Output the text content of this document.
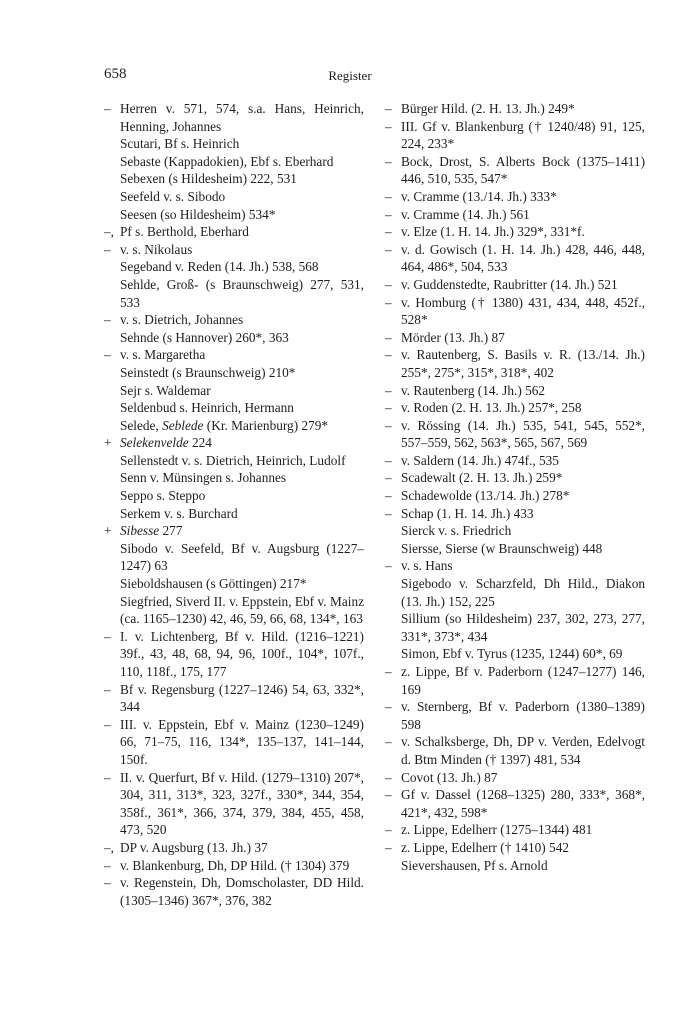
658	Register

– Herren v. 571, 574, s.a. Hans, Heinrich, Henning, Johannes

Scutari, Bf s. Heinrich

Sebaste (Kappadokien), Ebf s. Eberhard

Sebexen (s Hildesheim) 222, 531

Seefeld v. s. Sibodo

Seesen (so Hildesheim) 534*

–, Pf s. Berthold, Eberhard

– v. s. Nikolaus

Segeband v. Reden (14. Jh.) 538, 568

Sehlde, Groß- (s Braunschweig) 277, 531, 533

– v. s. Dietrich, Johannes

Sehnde (s Hannover) 260*, 363

– v. s. Margaretha

Seinstedt (s Braunschweig) 210*

Sejr s. Waldemar

Seldenbud s. Heinrich, Hermann

Selede, Seblede (Kr. Marienburg) 279*

+ Selekenvelde 224

Sellenstedt v. s. Dietrich, Heinrich, Ludolf

Senn v. Münsingen s. Johannes

Seppo s. Steppo

Serkem v. s. Burchard

+ Sibesse 277

Sibodo v. Seefeld, Bf v. Augsburg (1227–1247) 63

Sieboldshausen (s Göttingen) 217*

Siegfried, Siverd II. v. Eppstein, Ebf v. Mainz (ca. 1165–1230) 42, 46, 59, 66, 68, 134*, 163

– I. v. Lichtenberg, Bf v. Hild. (1216–1221) 39f., 43, 48, 68, 94, 96, 100f., 104*, 107f., 110, 118f., 175, 177

– Bf v. Regensburg (1227–1246) 54, 63, 332*, 344

– III. v. Eppstein, Ebf v. Mainz (1230–1249) 66, 71–75, 116, 134*, 135–137, 141–144, 150f.

– II. v. Querfurt, Bf v. Hild. (1279–1310) 207*, 304, 311, 313*, 323, 327f., 330*, 344, 354, 358f., 361*, 366, 374, 379, 384, 455, 458, 473, 520

–, DP v. Augsburg (13. Jh.) 37

– v. Blankenburg, Dh, DP Hild. († 1304) 379

– v. Regenstein, Dh, Domscholaster, DD Hild. (1305–1346) 367*, 376, 382

– Bürger Hild. (2. H. 13. Jh.) 249*

– III. Gf v. Blankenburg († 1240/48) 91, 125, 224, 233*

– Bock, Drost, S. Alberts Bock (1375–1411) 446, 510, 535, 547*

– v. Cramme (13./14. Jh.) 333*

– v. Cramme (14. Jh.) 561

– v. Elze (1. H. 14. Jh.) 329*, 331*f.

– v. d. Gowisch (1. H. 14. Jh.) 428, 446, 448, 464, 486*, 504, 533

– v. Guddenstedte, Raubritter (14. Jh.) 521

– v. Homburg († 1380) 431, 434, 448, 452f., 528*

– Mörder (13. Jh.) 87

– v. Rautenberg, S. Basils v. R. (13./14. Jh.) 255*, 275*, 315*, 318*, 402

– v. Rautenberg (14. Jh.) 562

– v. Roden (2. H. 13. Jh.) 257*, 258

– v. Rössing (14. Jh.) 535, 541, 545, 552*, 557–559, 562, 563*, 565, 567, 569

– v. Saldern (14. Jh.) 474f., 535

– Scadewalt (2. H. 13. Jh.) 259*

– Schadewolde (13./14. Jh.) 278*

– Schap (1. H. 14. Jh.) 433

Sierck v. s. Friedrich

Siersse, Sierse (w Braunschweig) 448

– v. s. Hans

Sigebodo v. Scharzfeld, Dh Hild., Diakon (13. Jh.) 152, 225

Sillium (so Hildesheim) 237, 302, 273, 277, 331*, 373*, 434

Simon, Ebf v. Tyrus (1235, 1244) 60*, 69

– z. Lippe, Bf v. Paderborn (1247–1277) 146, 169

– v. Sternberg, Bf v. Paderborn (1380–1389) 598

– v. Schalksberge, Dh, DP v. Verden, Edelvogt d. Btm Minden († 1397) 481, 534

– Covot (13. Jh.) 87

– Gf v. Dassel (1268–1325) 280, 333*, 368*, 421*, 432, 598*

– z. Lippe, Edelherr (1275–1344) 481

– z. Lippe, Edelherr († 1410) 542

Sievershausen, Pf s. Arnold
